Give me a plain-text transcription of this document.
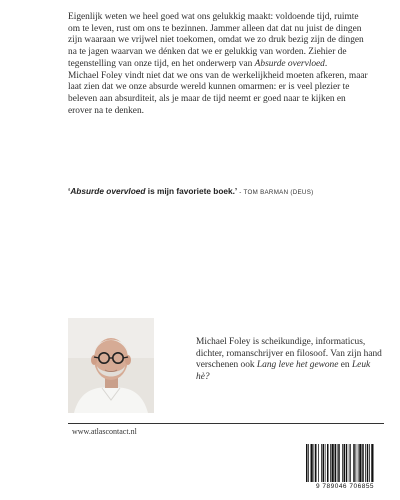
Eigenlijk weten we heel goed wat ons gelukkig maakt: voldoende tijd, ruimte om te leven, rust om ons te bezinnen. Jammer alleen dat dat nu juist de dingen zijn waaraan we vrijwel niet toekomen, omdat we zo druk bezig zijn de dingen na te jagen waarvan we dénken dat we er gelukkig van worden. Ziehier de tegenstelling van onze tijd, en het onderwerp van Absurde overvloed.

Michael Foley vindt niet dat we ons van de werkelijkheid moeten afkeren, maar laat zien dat we onze absurde wereld kunnen omarmen: er is veel plezier te beleven aan absurditeit, als je maar de tijd neemt er goed naar te kijken en erover na te denken.

‘Absurde overvloed is mijn favoriete boek.’ - TOM BARMAN (DEUS)

Michael Foley is scheikundige, informaticus, dichter, romanschrijver en filosoof. Van zijn hand verschenen ook Lang leve het gewone en Leuk hè?

www.atlascontact.nl
9 789046 706855
